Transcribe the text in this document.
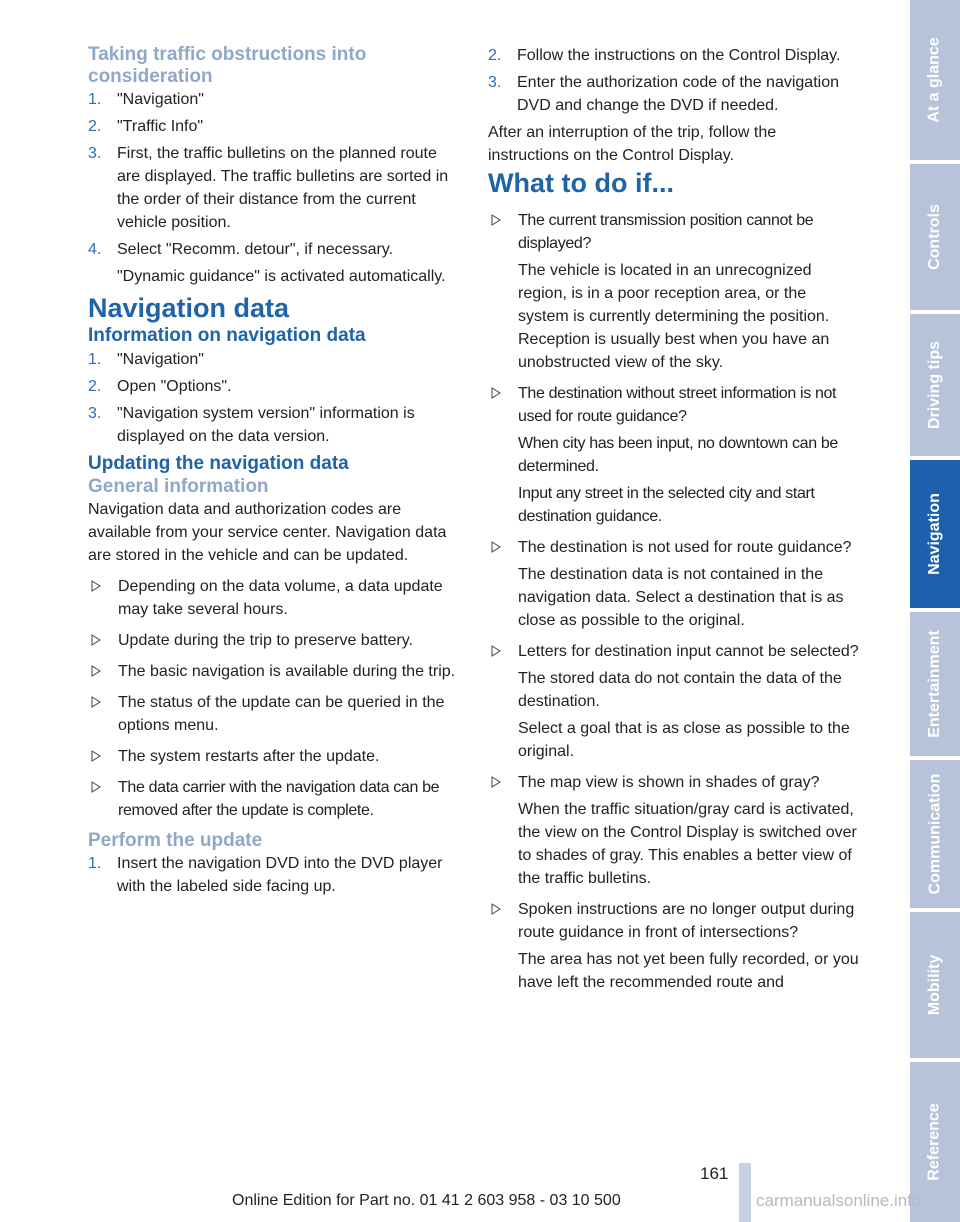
Taking traffic obstructions into consideration

1. "Navigation"
2. "Traffic Info"
3. First, the traffic bulletins on the planned route are displayed. The traffic bulletins are sorted in the order of their distance from the current vehicle position.
4. Select "Recomm. detour", if necessary.

"Dynamic guidance" is activated automatically.

Navigation data

Information on navigation data

1. "Navigation"
2. Open "Options".
3. "Navigation system version" information is displayed on the data version.

Updating the navigation data

General information

Navigation data and authorization codes are available from your service center. Navigation data are stored in the vehicle and can be updated.

Depending on the data volume, a data update may take several hours.
Update during the trip to preserve battery.
The basic navigation is available during the trip.
The status of the update can be queried in the options menu.
The system restarts after the update.
The data carrier with the navigation data can be removed after the update is complete.

Perform the update

1. Insert the navigation DVD into the DVD player with the labeled side facing up.
2. Follow the instructions on the Control Display.
3. Enter the authorization code of the navigation DVD and change the DVD if needed.

After an interruption of the trip, follow the instructions on the Control Display.

What to do if...

The current transmission position cannot be displayed?

The vehicle is located in an unrecognized region, is in a poor reception area, or the system is currently determining the position. Reception is usually best when you have an unobstructed view of the sky.

The destination without street information is not used for route guidance?

When city has been input, no downtown can be determined.

Input any street in the selected city and start destination guidance.

The destination is not used for route guidance?

The destination data is not contained in the navigation data. Select a destination that is as close as possible to the original.

Letters for destination input cannot be selected?

The stored data do not contain the data of the destination.

Select a goal that is as close as possible to the original.

The map view is shown in shades of gray?

When the traffic situation/gray card is activated, the view on the Control Display is switched over to shades of gray. This enables a better view of the traffic bulletins.

Spoken instructions are no longer output during route guidance in front of intersections?

The area has not yet been fully recorded, or you have left the recommended route and

At a glance
Controls
Driving tips
Navigation
Entertainment
Communication
Mobility
Reference
161
Online Edition for Part no. 01 41 2 603 958 - 03 10 500	carmanualsonline.info
